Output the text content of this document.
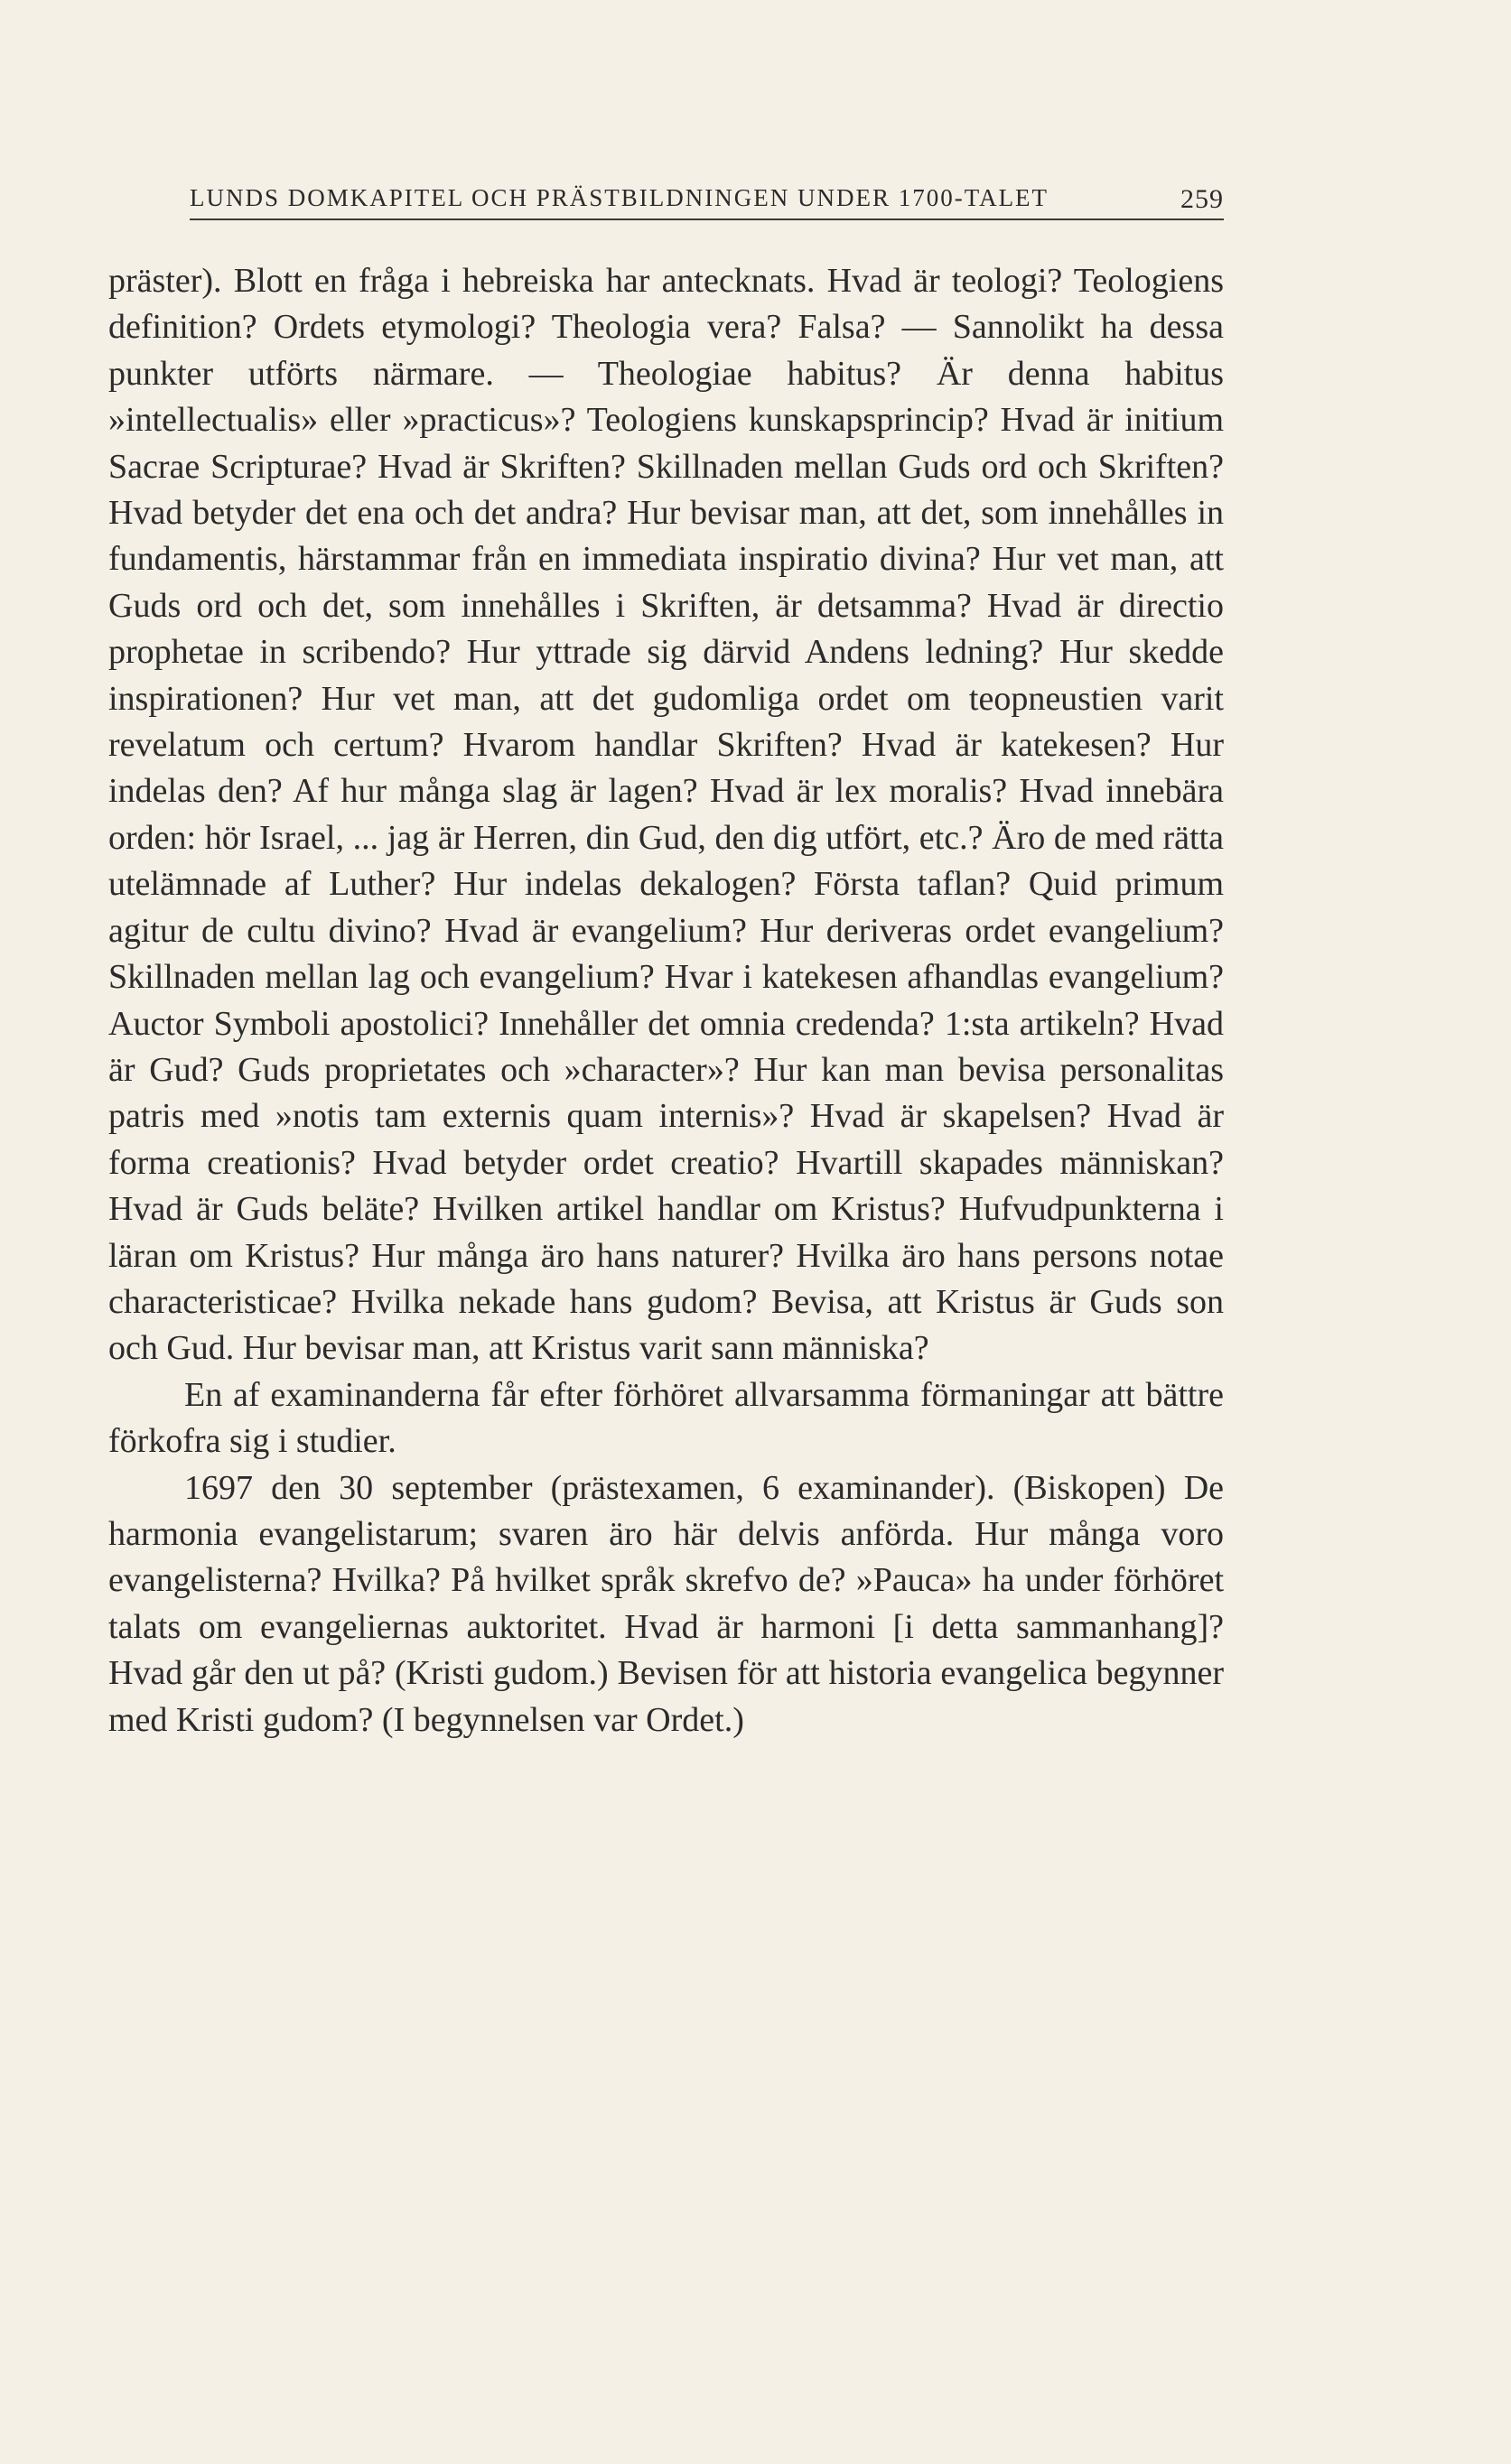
LUNDS DOMKAPITEL OCH PRÄSTBILDNINGEN UNDER 1700-TALET	259

präster). Blott en fråga i hebreiska har antecknats. Hvad är teologi? Teologiens definition? Ordets etymologi? Theologia vera? Falsa? — Sannolikt ha dessa punkter utförts närmare. — Theologiae habitus? Är denna habitus »intellectualis» eller »practicus»? Teologiens kunskapsprincip? Hvad är initium Sacrae Scripturae? Hvad är Skriften? Skillnaden mellan Guds ord och Skriften? Hvad betyder det ena och det andra? Hur bevisar man, att det, som innehålles in fundamentis, härstammar från en immediata inspiratio divina? Hur vet man, att Guds ord och det, som innehålles i Skriften, är detsamma? Hvad är directio prophetae in scribendo? Hur yttrade sig därvid Andens ledning? Hur skedde inspirationen? Hur vet man, att det gudomliga ordet om teopneustien varit revelatum och certum? Hvarom handlar Skriften? Hvad är katekesen? Hur indelas den? Af hur många slag är lagen? Hvad är lex moralis? Hvad innebära orden: hör Israel, ... jag är Herren, din Gud, den dig utfört, etc.? Äro de med rätta utelämnade af Luther? Hur indelas dekalogen? Första taflan? Quid primum agitur de cultu divino? Hvad är evangelium? Hur deriveras ordet evangelium? Skillnaden mellan lag och evangelium? Hvar i katekesen afhandlas evangelium? Auctor Symboli apostolici? Innehåller det omnia credenda? 1:sta artikeln? Hvad är Gud? Guds proprietates och »character»? Hur kan man bevisa personalitas patris med »notis tam externis quam internis»? Hvad är skapelsen? Hvad är forma creationis? Hvad betyder ordet creatio? Hvartill skapades människan? Hvad är Guds beläte? Hvilken artikel handlar om Kristus? Hufvudpunkterna i läran om Kristus? Hur många äro hans naturer? Hvilka äro hans persons notae characteristicae? Hvilka nekade hans gudom? Bevisa, att Kristus är Guds son och Gud. Hur bevisar man, att Kristus varit sann människa?

En af examinanderna får efter förhöret allvarsamma förmaningar att bättre förkofra sig i studier.

1697 den 30 september (prästexamen, 6 examinander). (Biskopen) De harmonia evangelistarum; svaren äro här delvis anförda. Hur många voro evangelisterna? Hvilka? På hvilket språk skrefvo de? »Pauca» ha under förhöret talats om evangeliernas auktoritet. Hvad är harmoni [i detta sammanhang]? Hvad går den ut på? (Kristi gudom.) Bevisen för att historia evangelica begynner med Kristi gudom? (I begynnelsen var Ordet.)
